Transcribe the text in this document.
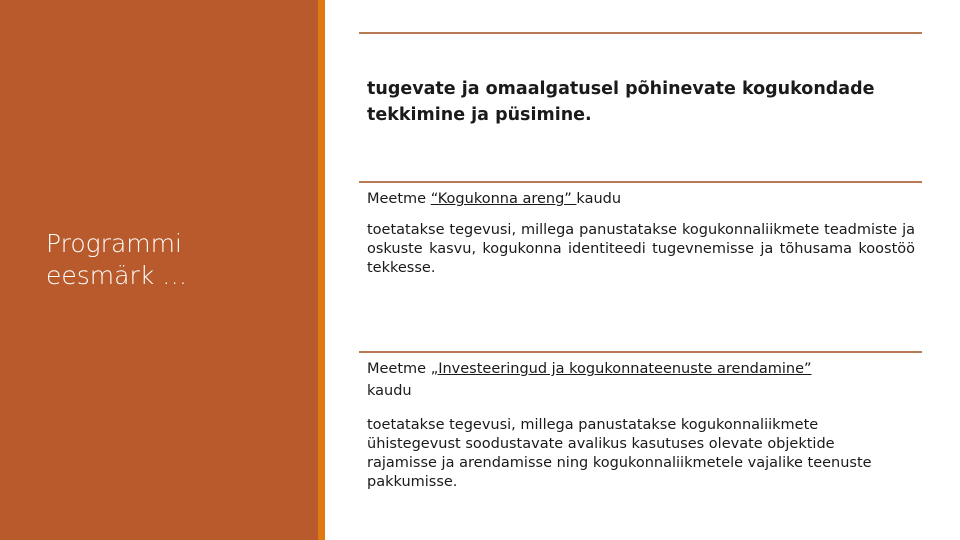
Programmi
eesmärk …
tugevate ja omaalgatusel põhinevate kogukondade tekkimine ja püsimine.

Meetme “Kogukonna areng” kaudu

toetatakse tegevusi, millega panustatakse kogukonnaliikmete teadmiste ja oskuste kasvu, kogukonna identiteedi tugevnemisse ja tõhusama koostöö tekkesse.

Meetme „Investeeringud ja kogukonnateenuste arendamine”
kaudu

toetatakse tegevusi, millega panustatakse kogukonnaliikmete ühistegevust soodustavate avalikus kasutuses olevate objektide rajamisse ja arendamisse ning kogukonnaliikmetele vajalike teenuste pakkumisse.
